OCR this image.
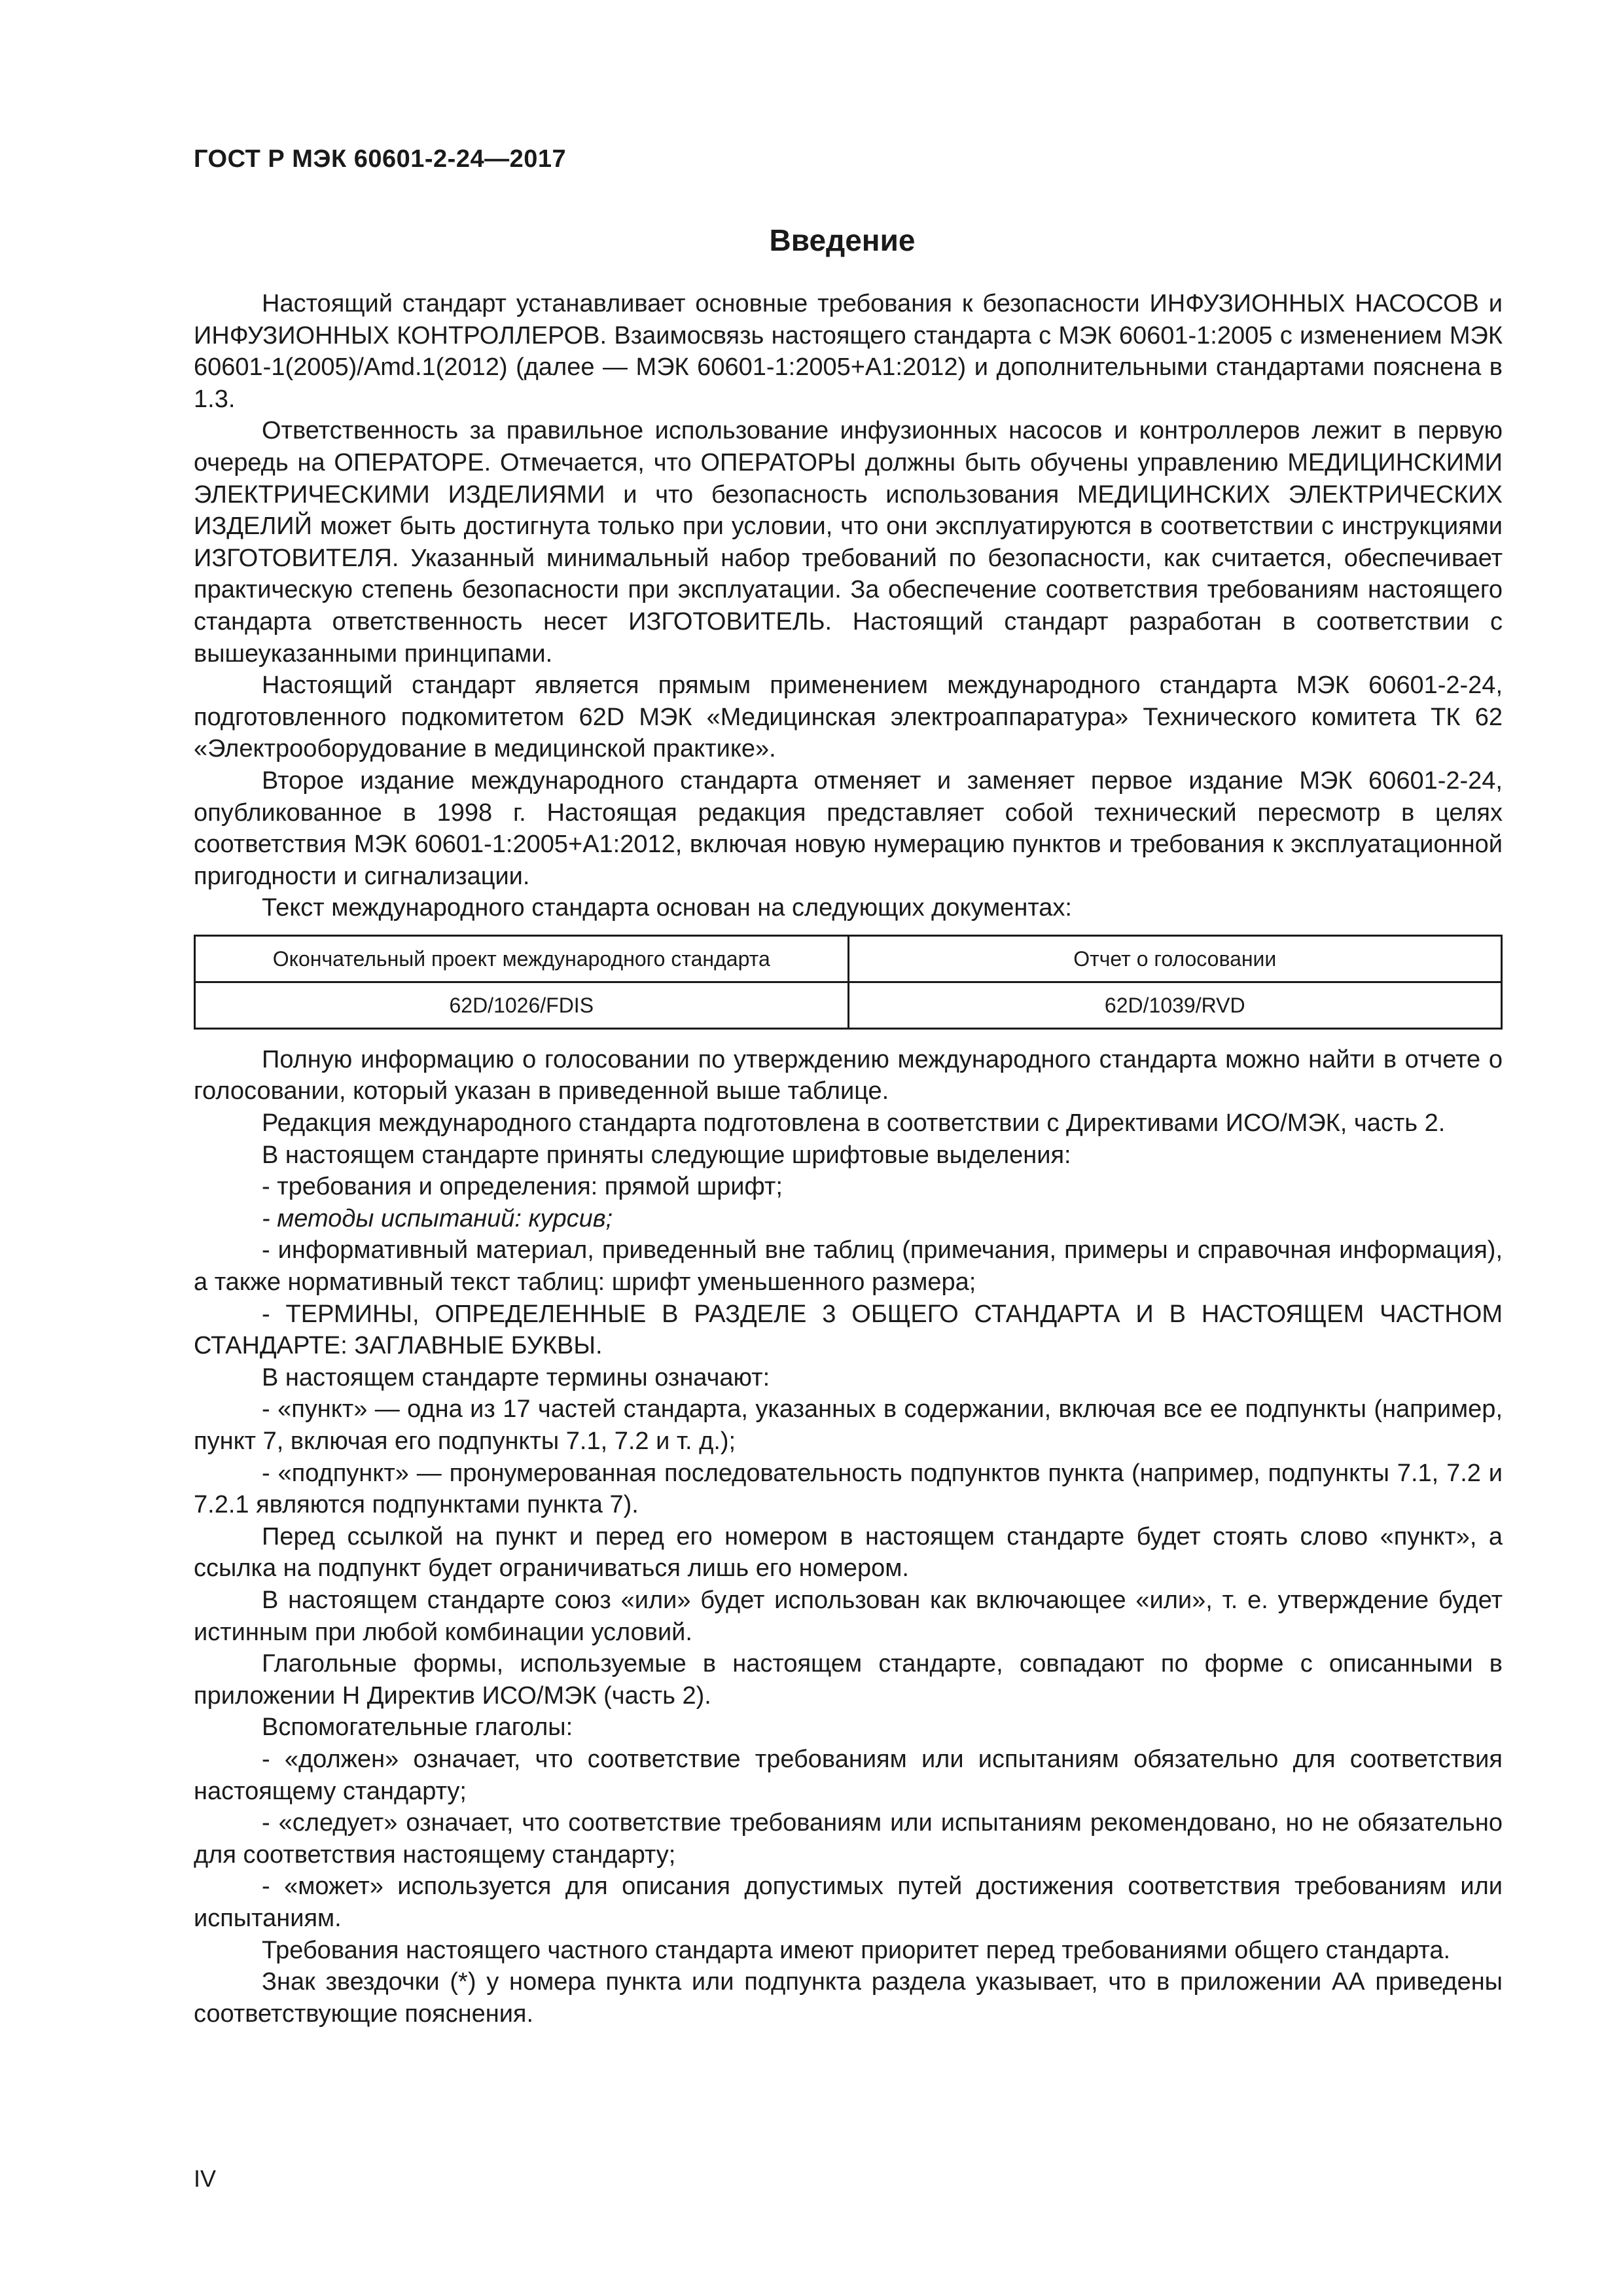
ГОСТ Р МЭК 60601-2-24—2017
Введение

Настоящий стандарт устанавливает основные требования к безопасности ИНФУЗИОННЫХ НАСОСОВ и ИНФУЗИОННЫХ КОНТРОЛЛЕРОВ. Взаимосвязь настоящего стандарта с МЭК 60601-1:2005 с изменением МЭК 60601-1(2005)/Amd.1(2012) (далее — МЭК 60601-1:2005+A1:2012) и дополнительными стандартами пояснена в 1.3.

Ответственность за правильное использование инфузионных насосов и контроллеров лежит в первую очередь на ОПЕРАТОРЕ. Отмечается, что ОПЕРАТОРЫ должны быть обучены управлению МЕДИЦИНСКИМИ ЭЛЕКТРИЧЕСКИМИ ИЗДЕЛИЯМИ и что безопасность использования МЕДИЦИНСКИХ ЭЛЕКТРИЧЕСКИХ ИЗДЕЛИЙ может быть достигнута только при условии, что они эксплуатируются в соответствии с инструкциями ИЗГОТОВИТЕЛЯ. Указанный минимальный набор требований по безопасности, как считается, обеспечивает практическую степень безопасности при эксплуатации. За обеспечение соответствия требованиям настоящего стандарта ответственность несет ИЗГОТОВИТЕЛЬ. Настоящий стандарт разработан в соответствии с вышеуказанными принципами.

Настоящий стандарт является прямым применением международного стандарта МЭК 60601-2-24, подготовленного подкомитетом 62D МЭК «Медицинская электроаппаратура» Технического комитета ТК 62 «Электрооборудование в медицинской практике».

Второе издание международного стандарта отменяет и заменяет первое издание МЭК 60601-2-24, опубликованное в 1998 г. Настоящая редакция представляет собой технический пересмотр в целях соответствия МЭК 60601-1:2005+А1:2012, включая новую нумерацию пунктов и требования к эксплуатационной пригодности и сигнализации.

Текст международного стандарта основан на следующих документах:

Окончательный проект международного стандарта	Отчет о голосовании
62D/1026/FDIS	62D/1039/RVD

Полную информацию о голосовании по утверждению международного стандарта можно найти в отчете о голосовании, который указан в приведенной выше таблице.

Редакция международного стандарта подготовлена в соответствии с Директивами ИСО/МЭК, часть 2.

В настоящем стандарте приняты следующие шрифтовые выделения:

- требования и определения: прямой шрифт;

- методы испытаний: курсив;

- информативный материал, приведенный вне таблиц (примечания, примеры и справочная информация), а также нормативный текст таблиц: шрифт уменьшенного размера;

- ТЕРМИНЫ, ОПРЕДЕЛЕННЫЕ В РАЗДЕЛЕ 3 ОБЩЕГО СТАНДАРТА И В НАСТОЯЩЕМ ЧАСТНОМ СТАНДАРТЕ: ЗАГЛАВНЫЕ БУКВЫ.

В настоящем стандарте термины означают:

- «пункт» — одна из 17 частей стандарта, указанных в содержании, включая все ее подпункты (например, пункт 7, включая его подпункты 7.1, 7.2 и т. д.);

- «подпункт» — пронумерованная последовательность подпунктов пункта (например, подпункты 7.1, 7.2 и 7.2.1 являются подпунктами пункта 7).

Перед ссылкой на пункт и перед его номером в настоящем стандарте будет стоять слово «пункт», а ссылка на подпункт будет ограничиваться лишь его номером.

В настоящем стандарте союз «или» будет использован как включающее «или», т. е. утверждение будет истинным при любой комбинации условий.

Глагольные формы, используемые в настоящем стандарте, совпадают по форме с описанными в приложении Н Директив ИСО/МЭК (часть 2).

Вспомогательные глаголы:

- «должен» означает, что соответствие требованиям или испытаниям обязательно для соответствия настоящему стандарту;

- «следует» означает, что соответствие требованиям или испытаниям рекомендовано, но не обязательно для соответствия настоящему стандарту;

- «может» используется для описания допустимых путей достижения соответствия требованиям или испытаниям.

Требования настоящего частного стандарта имеют приоритет перед требованиями общего стандарта.

Знак звездочки (*) у номера пункта или подпункта раздела указывает, что в приложении АА приведены соответствующие пояснения.

IV
